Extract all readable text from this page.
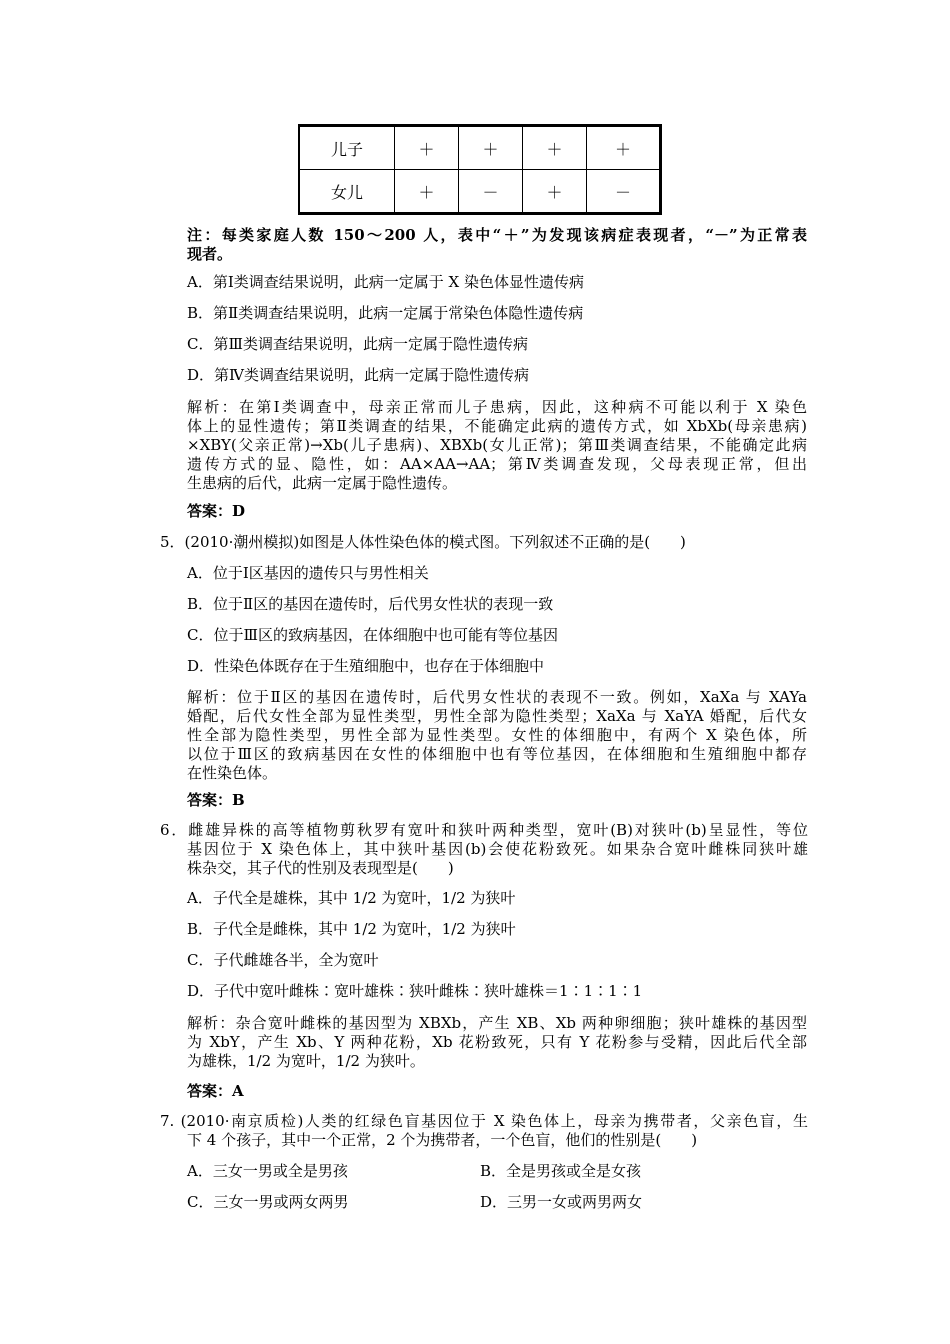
儿子	＋	＋	＋	＋
女儿	＋	－	＋	－
注：每类家庭人数 150～200 人，表中“＋”为发现该病症表现者，“－”为正常表
现者。
A．第Ⅰ类调查结果说明，此病一定属于 X 染色体显性遗传病
B．第Ⅱ类调查结果说明，此病一定属于常染色体隐性遗传病
C．第Ⅲ类调查结果说明，此病一定属于隐性遗传病
D．第Ⅳ类调查结果说明，此病一定属于隐性遗传病
解析：在第Ⅰ类调查中，母亲正常而儿子患病，因此，这种病不可能以利于 X 染色
体上的显性遗传；第Ⅱ类调查的结果，不能确定此病的遗传方式，如 XbXb(母亲患病)
×XBY(父亲正常)→Xb(儿子患病)、XBXb(女儿正常)；第Ⅲ类调查结果，不能确定此病
遗传方式的显、隐性，如：AA×AA→AA；第Ⅳ类调查发现，父母表现正常，但出
生患病的后代，此病一定属于隐性遗传。
答案：D
5．(2010·潮州模拟)如图是人体性染色体的模式图。下列叙述不正确的是(　　)
A．位于Ⅰ区基因的遗传只与男性相关
B．位于Ⅱ区的基因在遗传时，后代男女性状的表现一致
C．位于Ⅲ区的致病基因，在体细胞中也可能有等位基因
D．性染色体既存在于生殖细胞中，也存在于体细胞中
解析：位于Ⅱ区的基因在遗传时，后代男女性状的表现不一致。例如，XaXa 与 XAYa
婚配，后代女性全部为显性类型，男性全部为隐性类型；XaXa 与 XaYA 婚配，后代女
性全部为隐性类型，男性全部为显性类型。女性的体细胞中，有两个 X 染色体，所
以位于Ⅲ区的致病基因在女性的体细胞中也有等位基因，在体细胞和生殖细胞中都存
在性染色体。
答案：B
6．雌雄异株的高等植物剪秋罗有宽叶和狭叶两种类型，宽叶(B)对狭叶(b)呈显性，等位
基因位于 X 染色体上，其中狭叶基因(b)会使花粉致死。如果杂合宽叶雌株同狭叶雄
株杂交，其子代的性别及表现型是(　　)
A．子代全是雄株，其中 1/2 为宽叶，1/2 为狭叶
B．子代全是雌株，其中 1/2 为宽叶，1/2 为狭叶
C．子代雌雄各半，全为宽叶
D．子代中宽叶雌株∶宽叶雄株∶狭叶雌株∶狭叶雄株＝1∶1∶1∶1
解析：杂合宽叶雌株的基因型为 XBXb，产生 XB、Xb 两种卵细胞；狭叶雄株的基因型
为 XbY，产生 Xb、Y 两种花粉，Xb 花粉致死，只有 Y 花粉参与受精，因此后代全部
为雄株，1/2 为宽叶，1/2 为狭叶。
答案：A
7. (2010·南京质检)人类的红绿色盲基因位于 X 染色体上，母亲为携带者，父亲色盲，生
下 4 个孩子，其中一个正常，2 个为携带者，一个色盲，他们的性别是(　　)
A．三女一男或全是男孩	B．全是男孩或全是女孩
C．三女一男或两女两男	D．三男一女或两男两女
